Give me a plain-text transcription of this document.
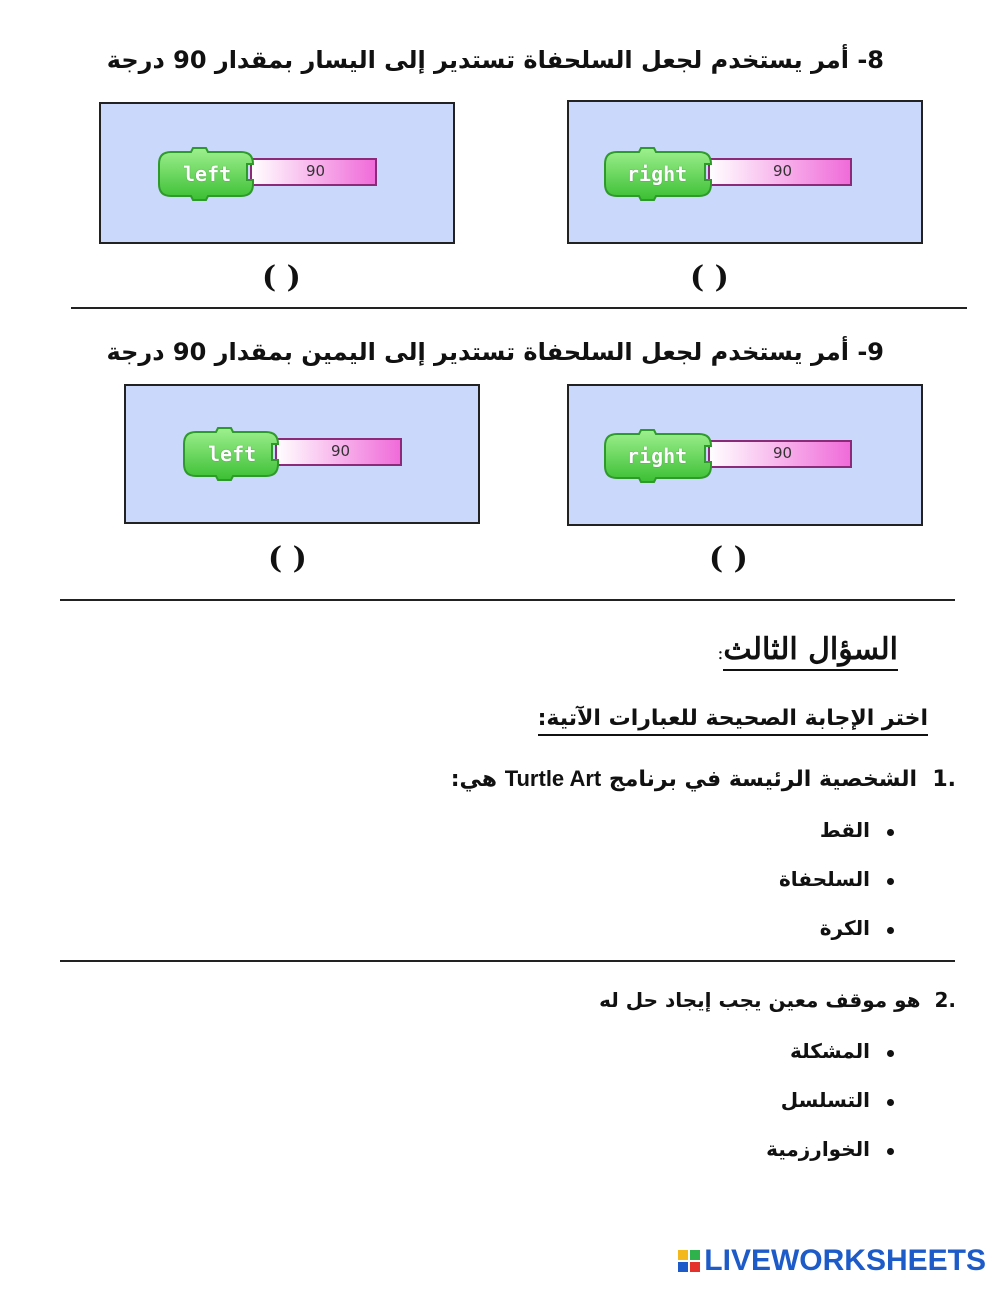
8- أمر يستخدم لجعل السلحفاة تستدير إلى اليسار بمقدار 90 درجة
left	90	right	90
( )	( )
9- أمر يستخدم لجعل السلحفاة تستدير إلى اليمين بمقدار 90 درجة
left	90	right	90
( )	( )
السؤال الثالث:
اختر الإجابة الصحيحة للعبارات الآتية:
.1  الشخصية الرئيسة في برنامج Turtle Art هي:
القط
السلحفاة
الكرة
.2  هو موقف معين يجب إيجاد حل له
المشكلة
التسلسل
الخوارزمية
LIVEWORKSHEETS
